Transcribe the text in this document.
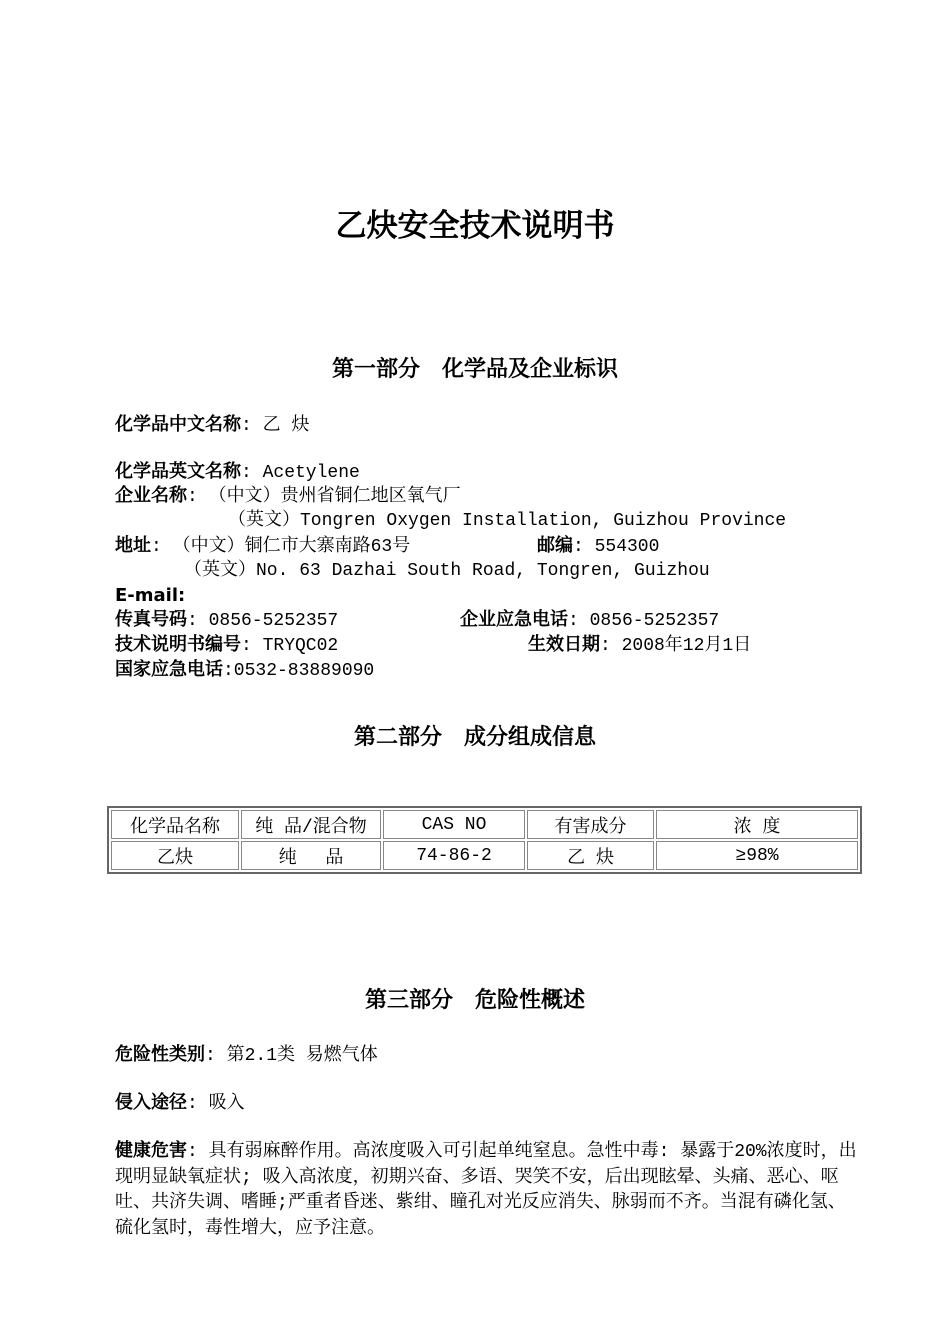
乙炔安全技术说明书
第一部分　化学品及企业标识
化学品中文名称: 乙 炔
化学品英文名称: Acetylene
企业名称: （中文）贵州省铜仁地区氧气厂
（英文）Tongren Oxygen Installation, Guizhou Province
地址: （中文）铜仁市大寨南路63号	邮编: 554300
（英文）No. 63 Dazhai South Road, Tongren, Guizhou
E-mail:
传真号码: 0856-5252357	企业应急电话: 0856-5252357
技术说明书编号: TRYQC02	生效日期: 2008年12月1日
国家应急电话:0532-83889090
第二部分　成分组成信息
化学品名称	纯 品/混合物	CAS NO	有害成分	浓 度
乙炔	纯　 品	74-86-2	乙 炔	≥98%
第三部分　危险性概述
危险性类别: 第2.1类 易燃气体
侵入途径: 吸入
健康危害: 具有弱麻醉作用。高浓度吸入可引起单纯窒息。急性中毒: 暴露于20%浓度时，出现明显缺氧症状; 吸入高浓度，初期兴奋、多语、哭笑不安，后出现眩晕、头痛、恶心、呕吐、共济失调、嗜睡;严重者昏迷、紫绀、瞳孔对光反应消失、脉弱而不齐。当混有磷化氢、硫化氢时，毒性增大，应予注意。
